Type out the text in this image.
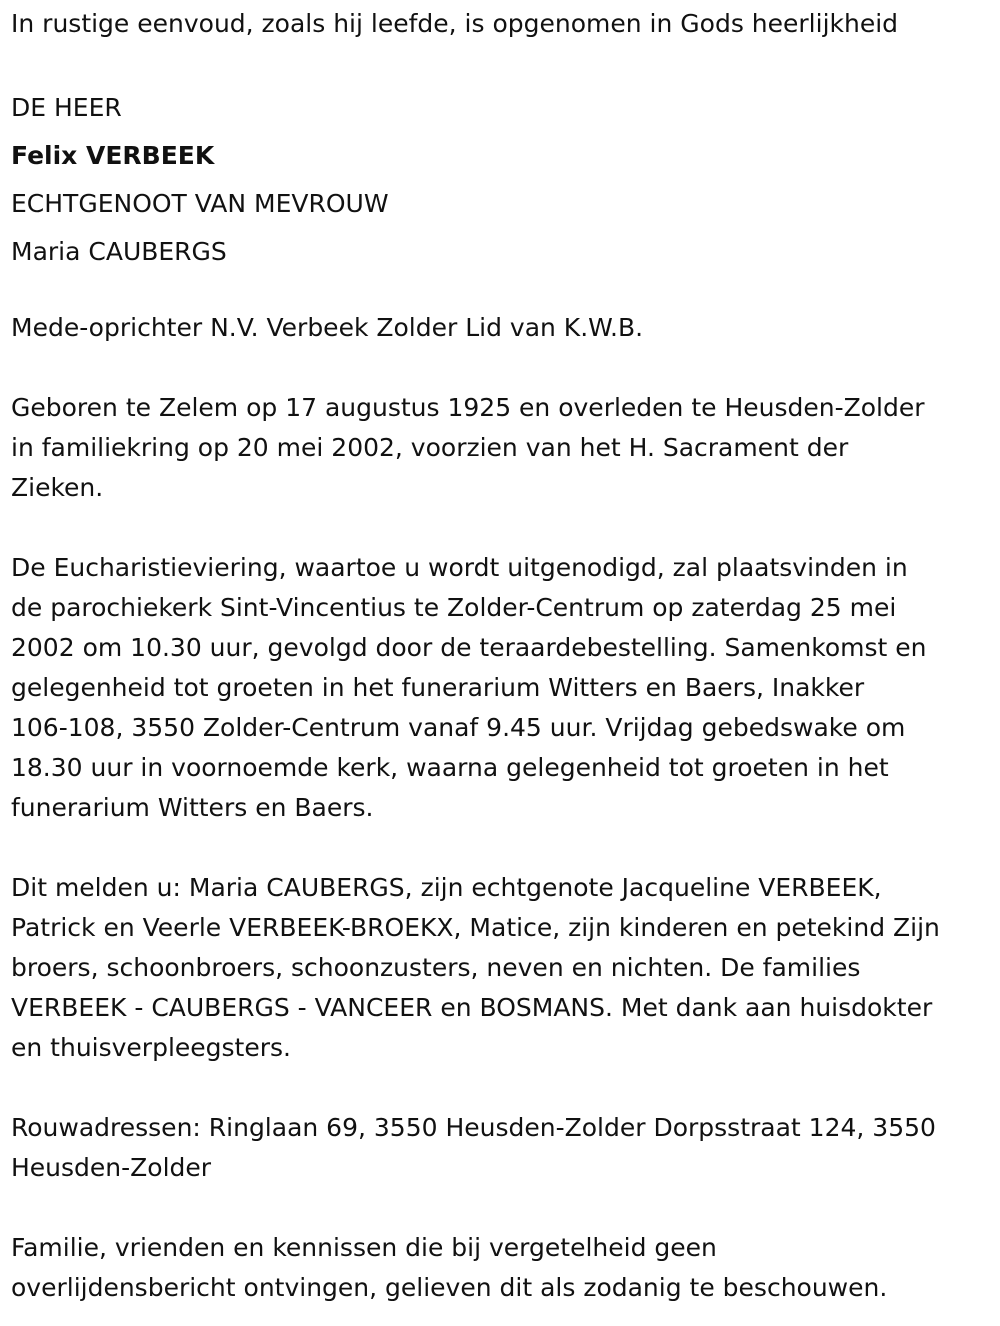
In rustige eenvoud, zoals hij leefde, is opgenomen in Gods heerlijkheid
DE HEER
Felix VERBEEK
ECHTGENOOT VAN MEVROUW
Maria CAUBERGS
Mede-oprichter N.V. Verbeek Zolder Lid van K.W.B.
Geboren te Zelem op 17 augustus 1925 en overleden te Heusden-Zolder
in familiekring op 20 mei 2002, voorzien van het H. Sacrament der
Zieken.
De Eucharistieviering, waartoe u wordt uitgenodigd, zal plaatsvinden in
de parochiekerk Sint-Vincentius te Zolder-Centrum op zaterdag 25 mei
2002 om 10.30 uur, gevolgd door de teraardebestelling. Samenkomst en
gelegenheid tot groeten in het funerarium Witters en Baers, Inakker
106-108, 3550 Zolder-Centrum vanaf 9.45 uur. Vrijdag gebedswake om
18.30 uur in voornoemde kerk, waarna gelegenheid tot groeten in het
funerarium Witters en Baers.
Dit melden u: Maria CAUBERGS, zijn echtgenote Jacqueline VERBEEK,
Patrick en Veerle VERBEEK-BROEKX, Matice, zijn kinderen en petekind Zijn
broers, schoonbroers, schoonzusters, neven en nichten. De families
VERBEEK - CAUBERGS - VANCEER en BOSMANS. Met dank aan huisdokter
en thuisverpleegsters.
Rouwadressen: Ringlaan 69, 3550 Heusden-Zolder Dorpsstraat 124, 3550
Heusden-Zolder
Familie, vrienden en kennissen die bij vergetelheid geen
overlijdensbericht ontvingen, gelieven dit als zodanig te beschouwen.
